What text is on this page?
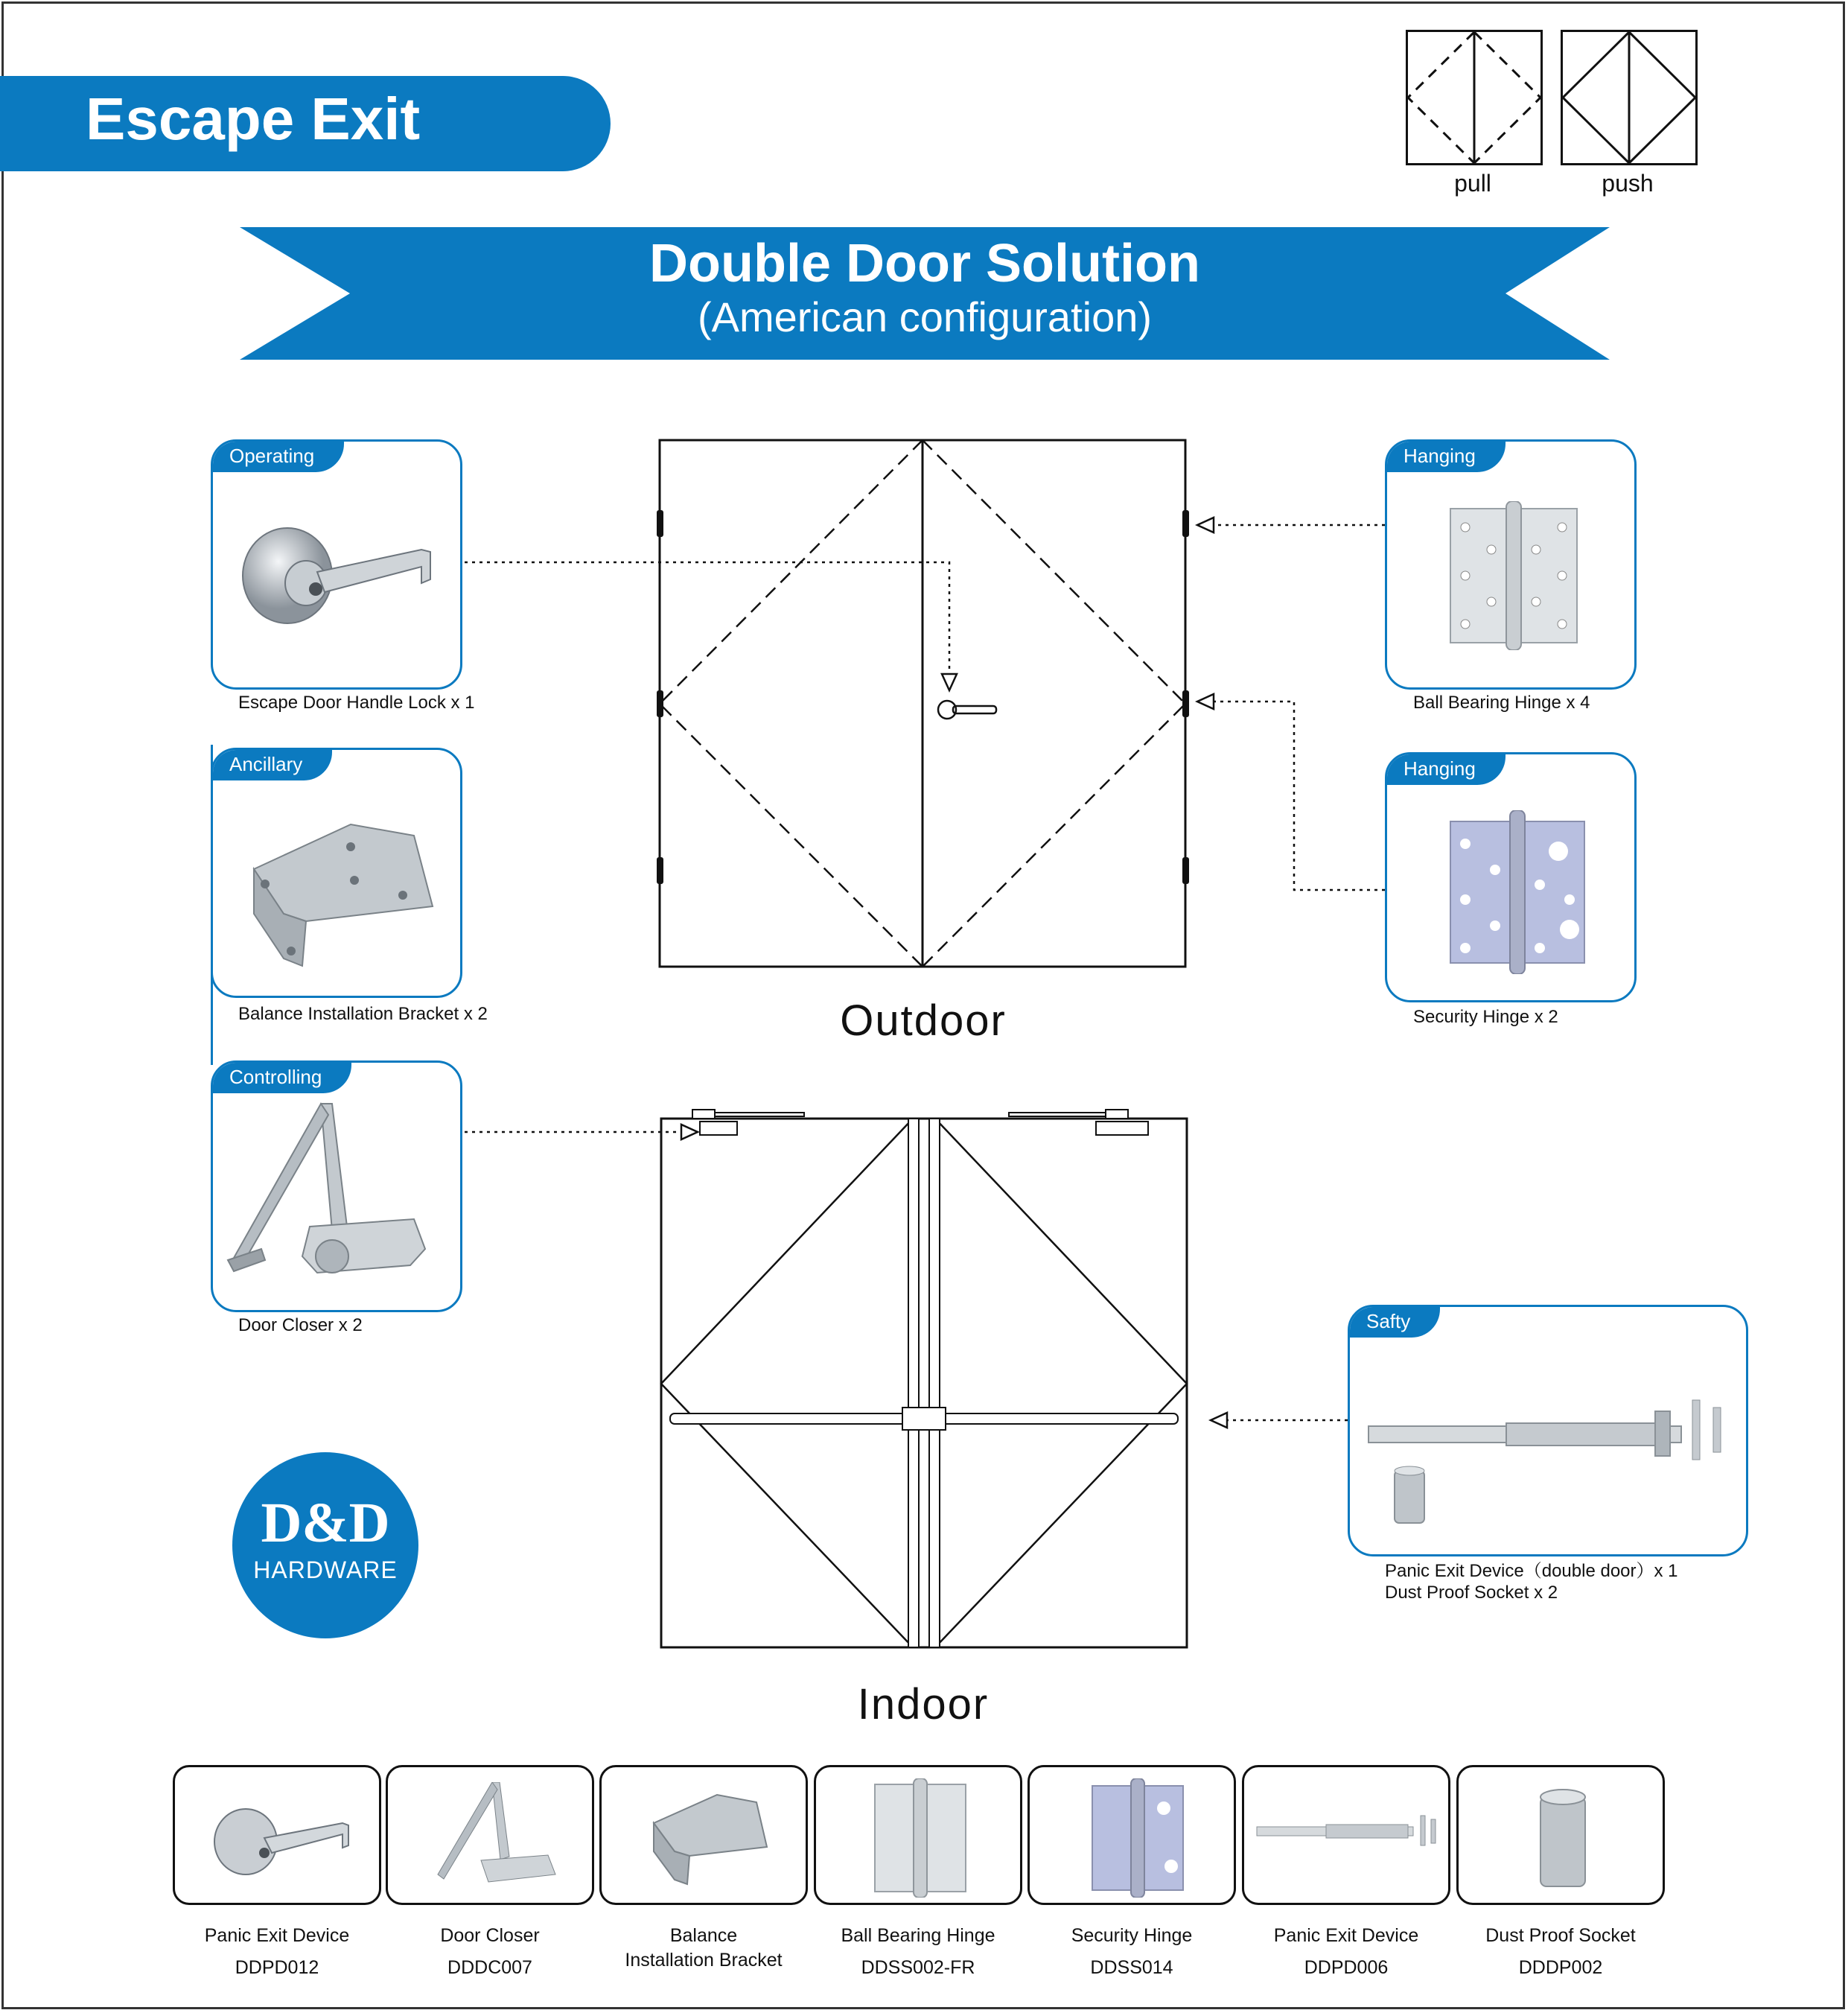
Escape Exit
pull	push
Double Door Solution
(American configuration)
Operating
Escape Door Handle Lock x 1
Ancillary
Balance Installation Bracket x 2
Controlling
Door Closer x 2
Hanging
Ball Bearing Hinge x 4
Hanging
Security Hinge x 2
Safty
Panic Exit Device（double door）x 1
Dust Proof Socket x 2
Outdoor
Indoor
D&D
HARDWARE
Panic Exit Device
DDPD012
Door Closer
DDDC007
Balance
Installation Bracket
Ball Bearing Hinge
DDSS002-FR
Security Hinge
DDSS014
Panic Exit Device
DDPD006
Dust Proof Socket
DDDP002
